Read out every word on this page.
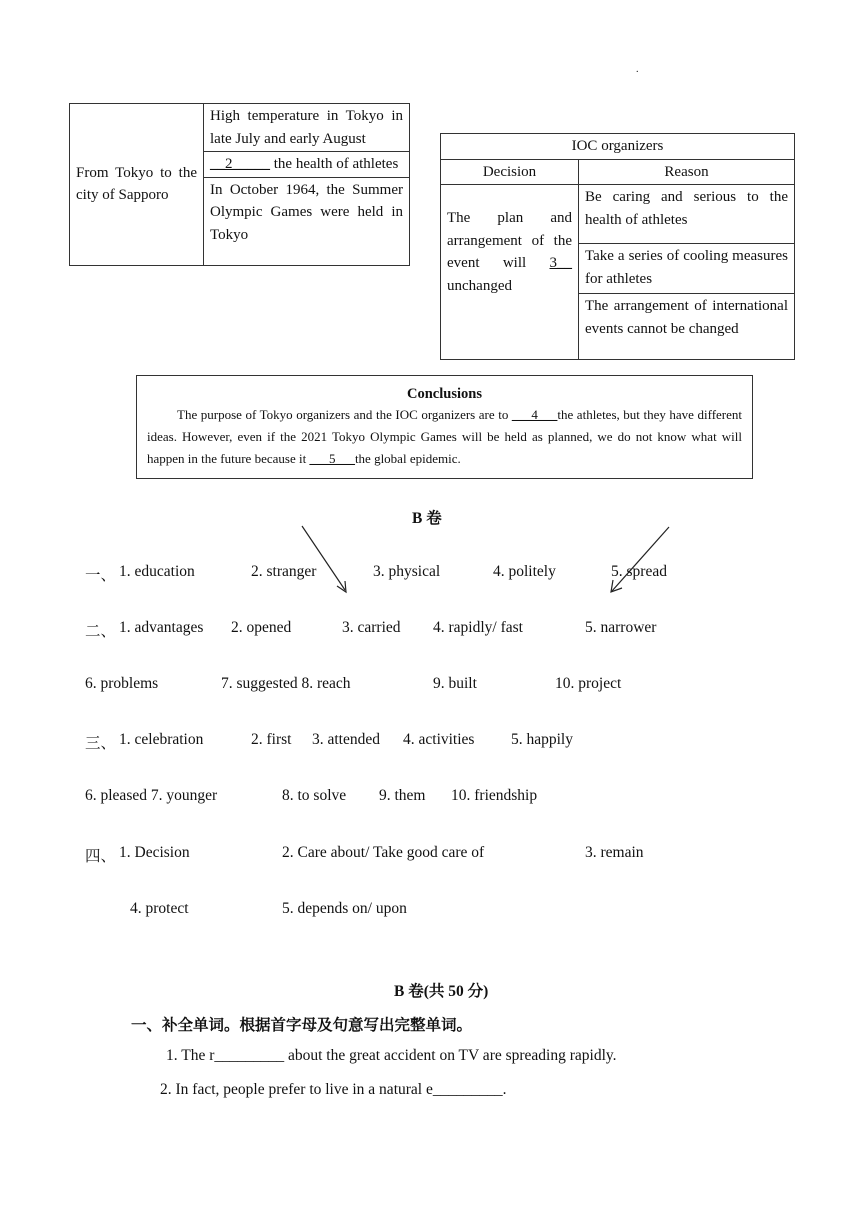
.
From Tokyo to the city of Sapporo	High temperature in Tokyo in late July and early August
__2_____ the health of athletes
In October 1964, the Summer Olympic Games were held in Tokyo
IOC organizers	
Decision	Reason
The plan and arrangement of the event will 3__ unchanged	Be caring and serious to the health of athletes
	Take a series of cooling measures for athletes
	The arrangement of international events cannot be changed
Conclusions
The purpose of Tokyo organizers and the IOC organizers are to ___4___the athletes, but they have different ideas. However, even if the 2021 Tokyo Olympic Games will be held as planned, we do not know what will happen in the future because it ___5___the global epidemic.
B 卷
一、 1. education	2. stranger	3. physical	4. politely	5. spread
二、 1. advantages 2. opened	3. carried 4. rapidly/ fast	5. narrower
6. problems	7. suggested 8. reach	9. built	10. project
三、 1. celebration	2. first 3. attended 4. activities 5. happily
6. pleased 7. younger	8. to solve 9. them 10. friendship
四、 1. Decision	2. Care about/ Take good care of	3. remain
4. protect	5. depends on/ upon
B 卷(共 50 分)
一、补全单词。根据首字母及句意写出完整单词。
1. The r_________ about the great accident on TV are spreading rapidly.
2. In fact, people prefer to live in a natural e_________.
